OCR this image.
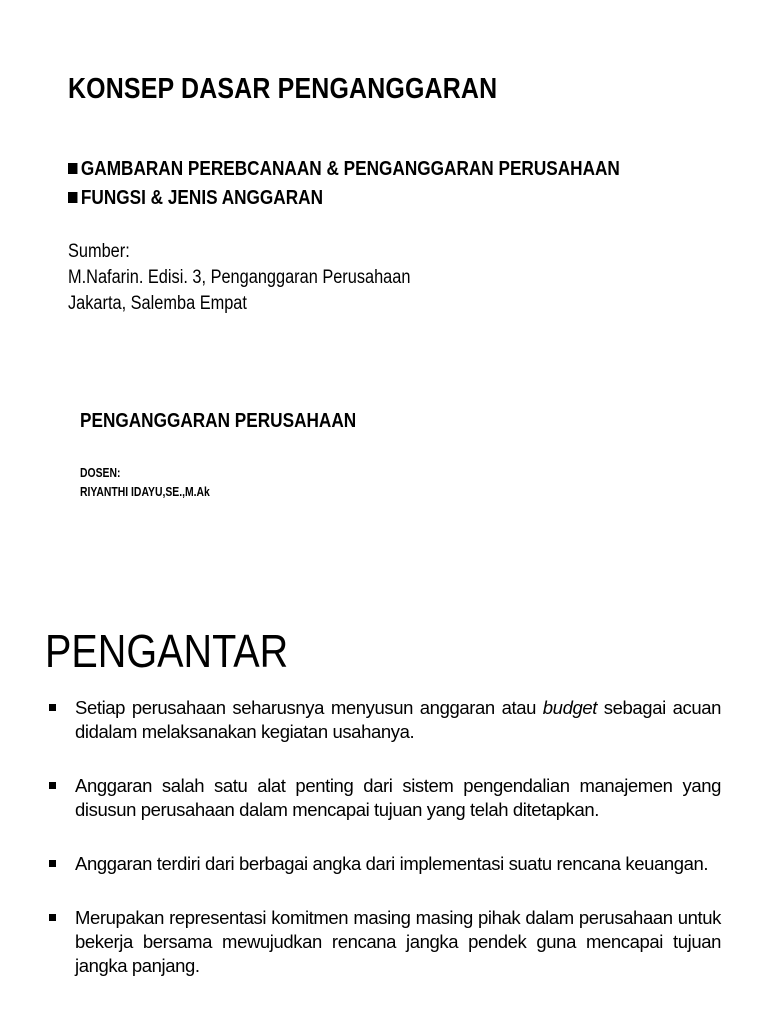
KONSEP DASAR PENGANGGARAN
GAMBARAN PEREBCANAAN & PENGANGGARAN PERUSAHAAN
FUNGSI & JENIS ANGGARAN
Sumber:
M.Nafarin. Edisi. 3, Penganggaran Perusahaan
Jakarta, Salemba Empat
PENGANGGARAN PERUSAHAAN
DOSEN:
RIYANTHI IDAYU,SE.,M.Ak
PENGANTAR
Setiap perusahaan seharusnya menyusun anggaran atau budget sebagai acuan didalam melaksanakan kegiatan usahanya.
Anggaran salah satu alat penting dari sistem pengendalian manajemen yang disusun perusahaan dalam mencapai tujuan yang telah ditetapkan.
Anggaran terdiri dari berbagai angka dari implementasi suatu rencana keuangan.
Merupakan representasi komitmen masing masing pihak dalam perusahaan untuk bekerja bersama mewujudkan rencana jangka pendek guna mencapai tujuan jangka panjang.
